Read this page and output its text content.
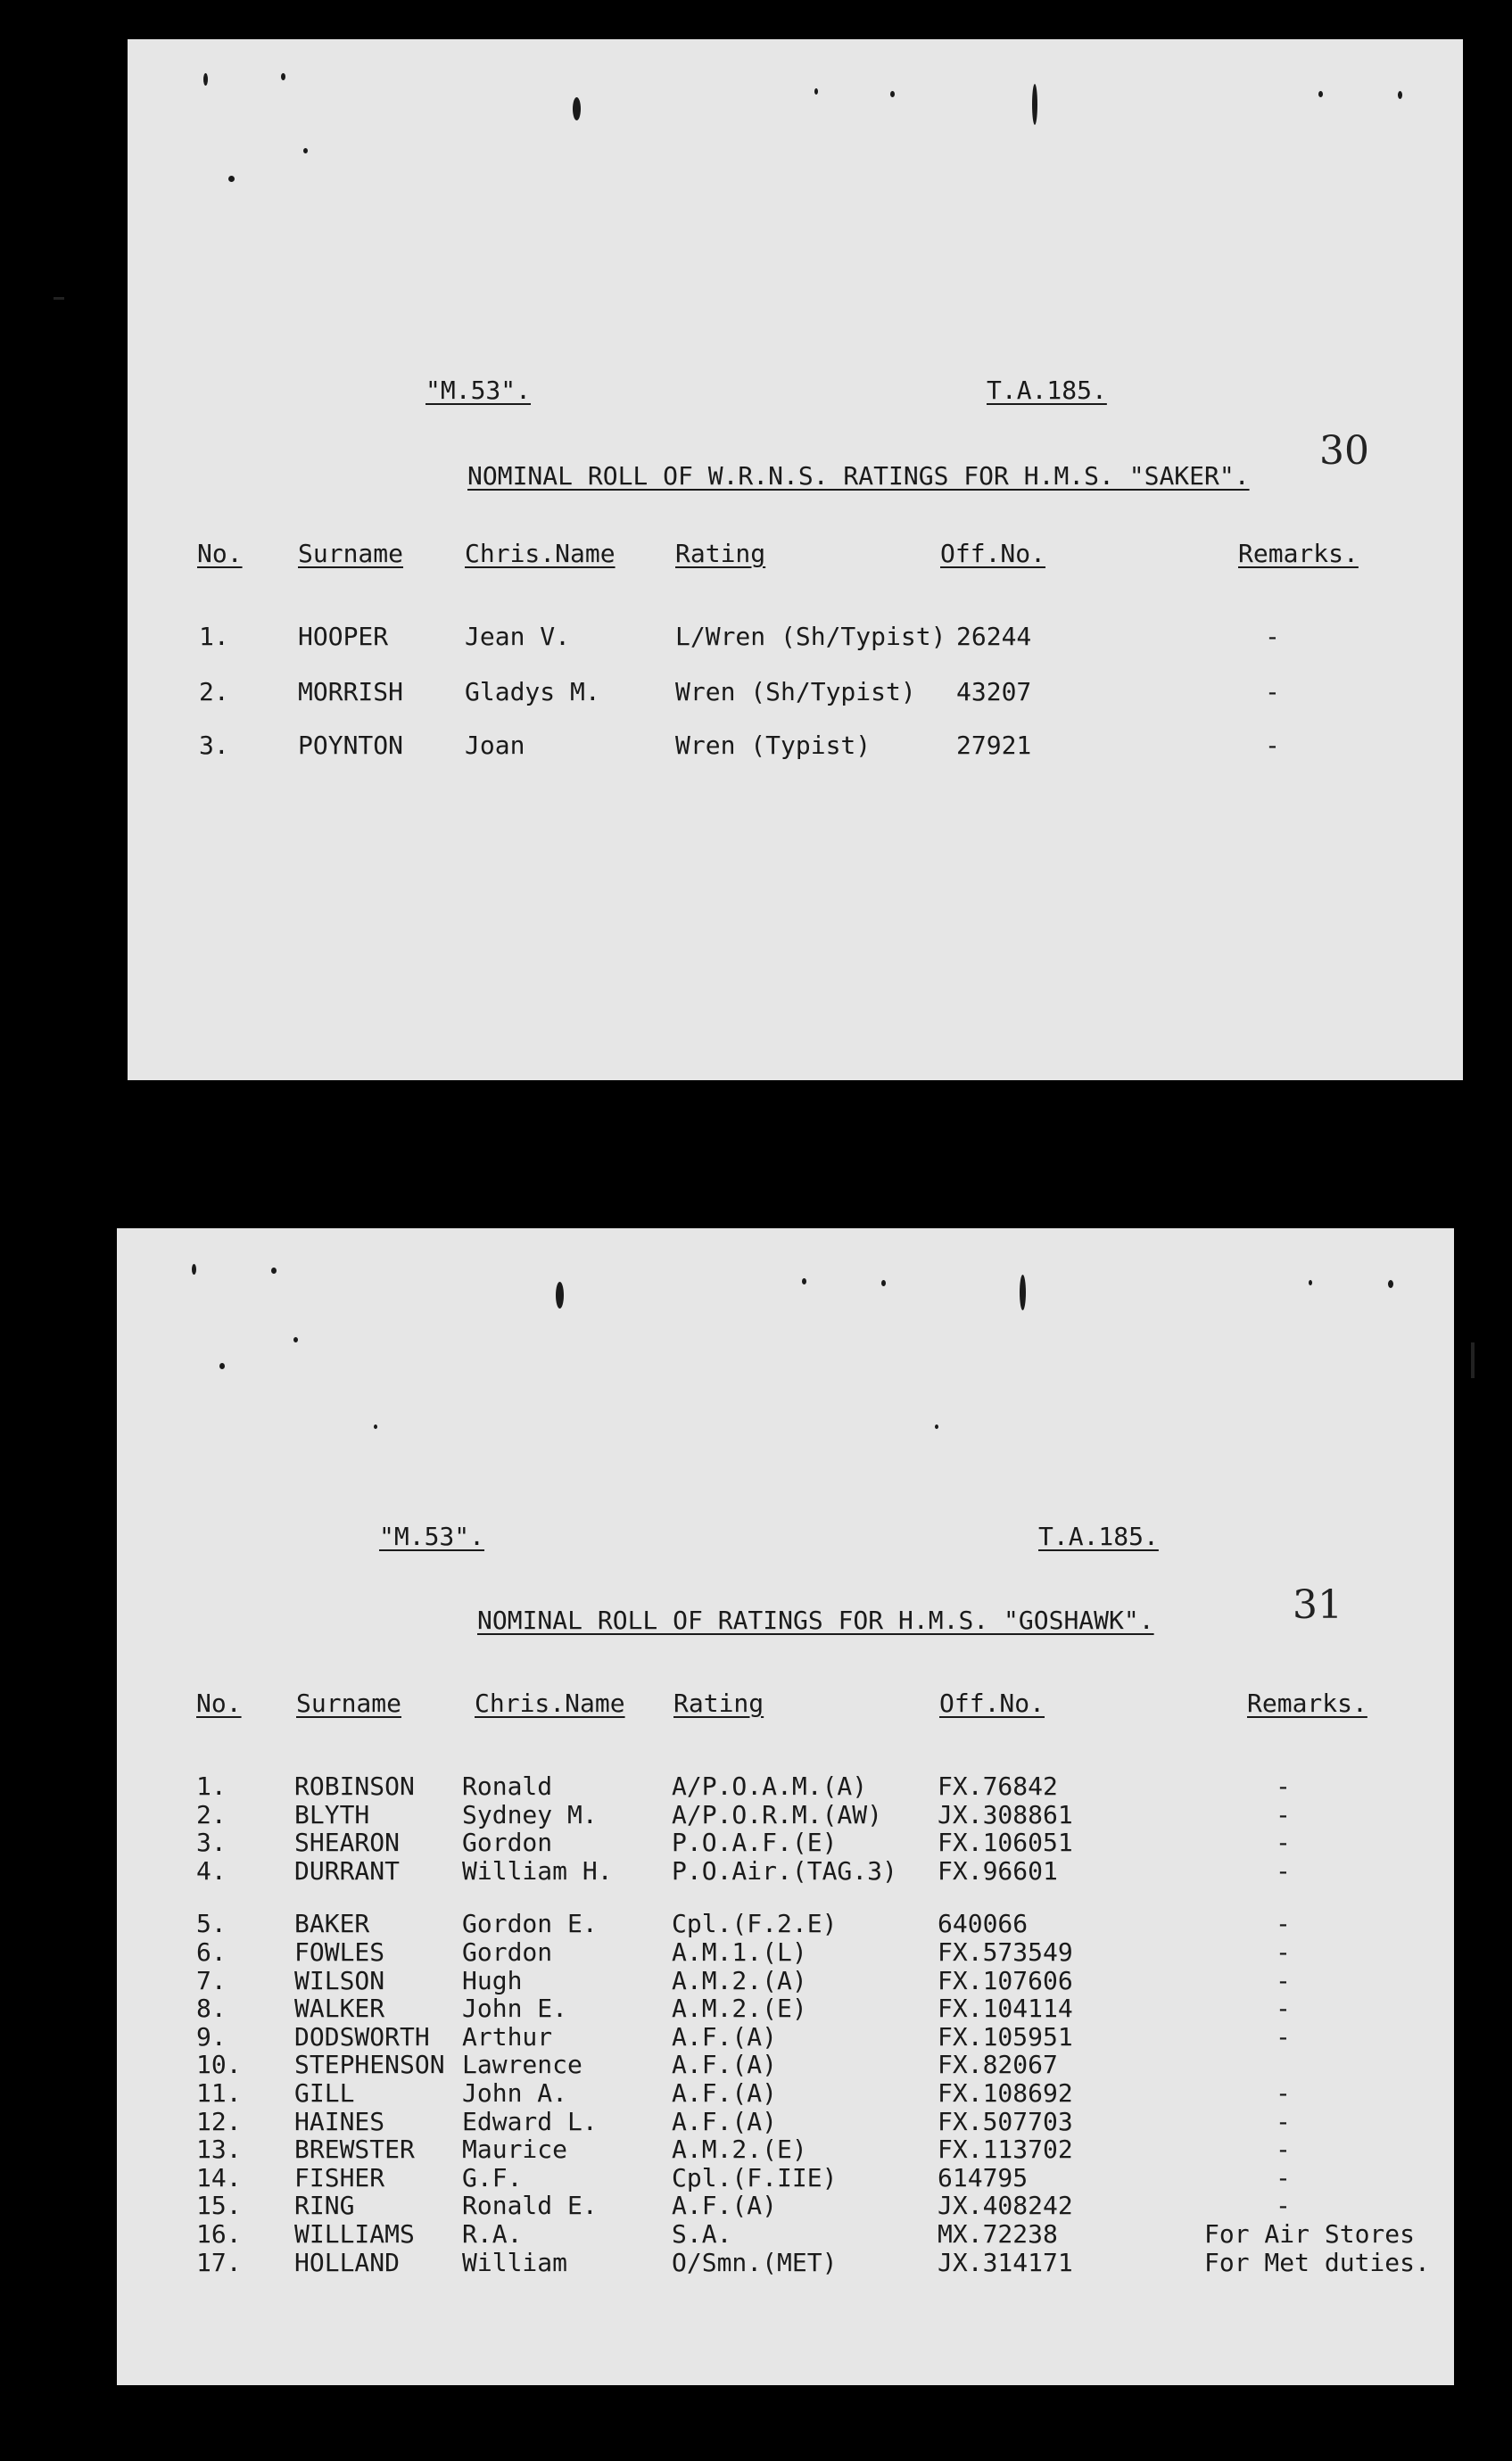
"M.53".	T.A.185.
30
NOMINAL ROLL OF W.R.N.S. RATINGS FOR H.M.S. "SAKER".
No. Surname Chris.Name Rating	Off.No.	Remarks.
1.	HOOPER	Jean V.	L/Wren (Sh/Typist) 26244	-
2.	MORRISH Gladys M.	Wren (Sh/Typist) 43207	-
3.	POYNTON Joan	Wren (Typist)	27921	-
"M.53".	T.A.185.
31
NOMINAL ROLL OF RATINGS FOR H.M.S. "GOSHAWK".
No. Surname	Chris.Name Rating	Off.No.	Remarks.
1.	ROBINSON Ronald	A/P.O.A.M.(A)	FX.76842	-
2.	BLYTH	Sydney M.	A/P.O.R.M.(AW) JX.308861	-
3.	SHEARON Gordon	P.O.A.F.(E)	FX.106051	-
4.	DURRANT William H. P.O.Air.(TAG.3) FX.96601	-
5.	BAKER	Gordon E.	Cpl.(F.2.E)	640066	-
6.	FOWLES	Gordon	A.M.1.(L)	FX.573549	-
7.	WILSON	Hugh	A.M.2.(A)	FX.107606	-
8.	WALKER	John E.	A.M.2.(E)	FX.104114	-
9.	DODSWORTH Arthur	A.F.(A)	FX.105951	-
10. STEPHENSON Lawrence	A.F.(A)	FX.82067
11. GILL	John A.	A.F.(A)	FX.108692	-
12. HAINES	Edward L.	A.F.(A)	FX.507703	-
13. BREWSTER Maurice	A.M.2.(E)	FX.113702	-
14. FISHER	G.F.	Cpl.(F.IIE)	614795	-
15. RING	Ronald E.	A.F.(A)	JX.408242	-
16. WILLIAMS R.A.	S.A.	MX.72238	For Air Stores
17. HOLLAND William	O/Smn.(MET)	JX.314171	For Met duties.
